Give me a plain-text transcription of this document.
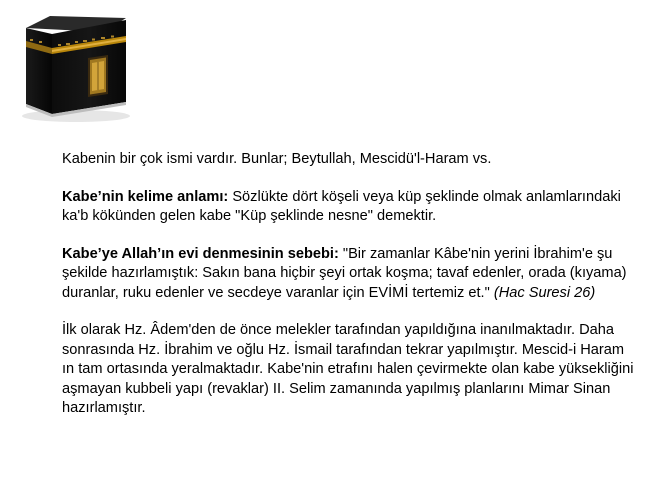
Kabenin bir çok ismi vardır. Bunlar; Beytullah, Mescidü'l-Haram vs.

Kabe’nin kelime anlamı: Sözlükte dört köşeli veya küp şeklinde olmak anlamlarındaki ka'b kökünden gelen kabe "Küp şeklinde nesne" demektir.

Kabe’ye Allah’ın evi denmesinin sebebi: "Bir zamanlar Kâbe'nin yerini İbrahim'e şu şekilde hazırlamıştık: Sakın bana hiçbir şeyi ortak koşma; tavaf edenler, orada (kıyama) duranlar, ruku edenler ve secdeye varanlar için EVİMİ tertemiz et." (Hac Suresi 26)

İlk olarak Hz. Âdem'den de önce melekler tarafından yapıldığına inanılmaktadır. Daha sonrasında Hz. İbrahim ve oğlu Hz. İsmail tarafından tekrar yapılmıştır. Mescid-i Haram ın tam ortasında yeralmaktadır. Kabe'nin etrafını halen çevirmekte olan kabe yüksekliğini aşmayan kubbeli yapı (revaklar) II. Selim zamanında yapılmış planlarını Mimar Sinan hazırlamıştır.
